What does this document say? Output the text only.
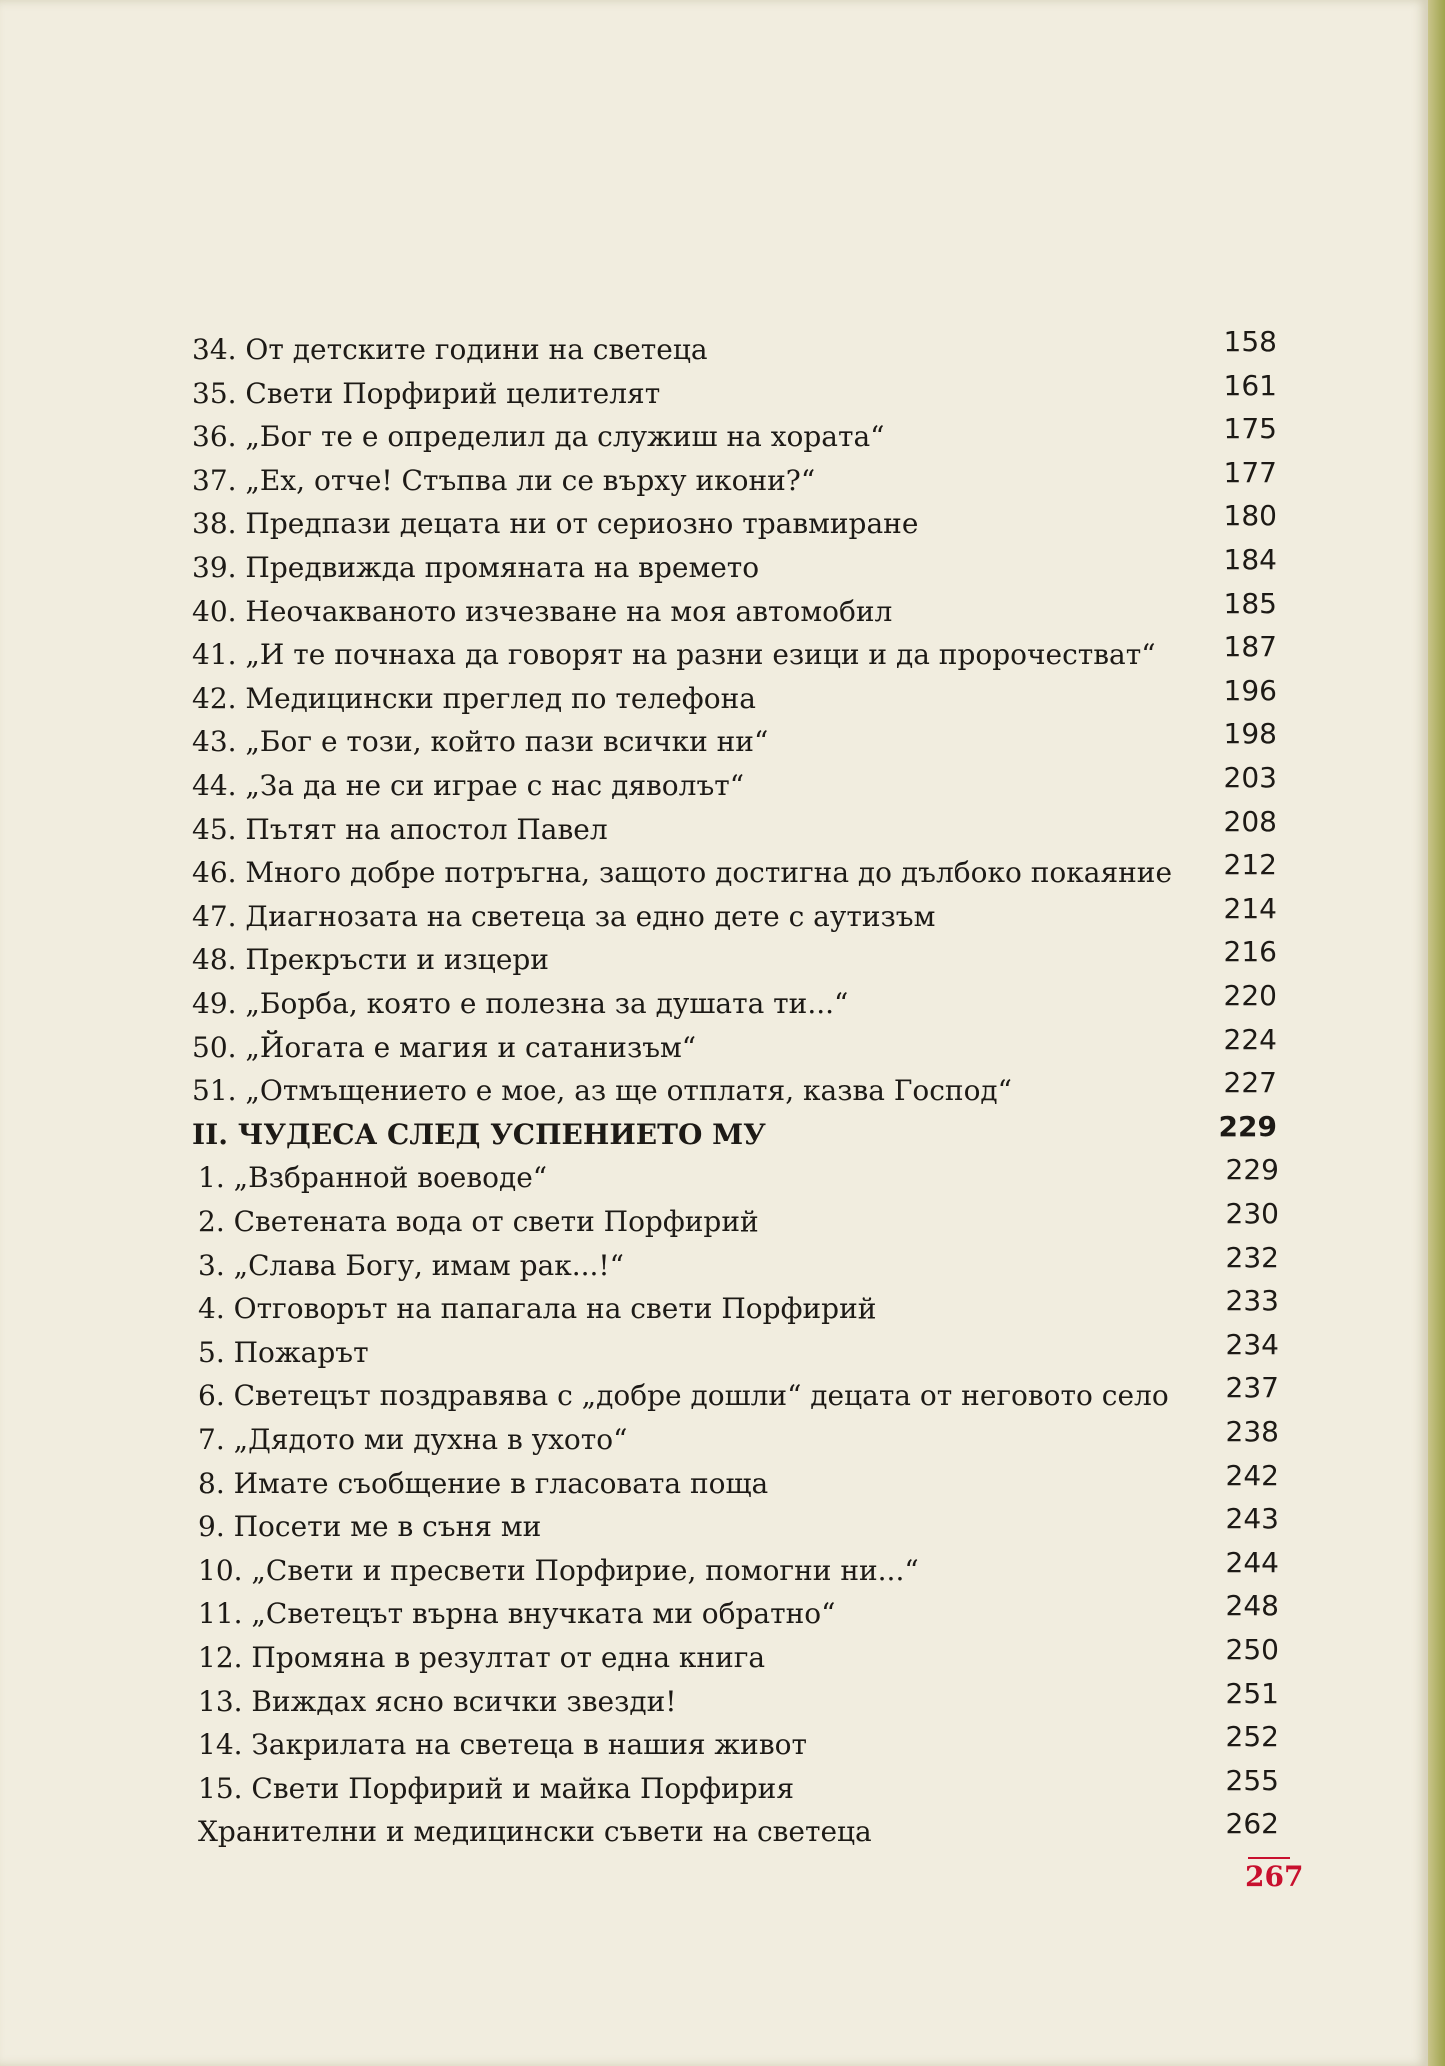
34. От детските години на светеца	158
35. Свети Порфирий целителят	161
36. „Бог те е определил да служиш на хората“	175
37. „Ех, отче! Стъпва ли се върху икони?“	177
38. Предпази децата ни от сериозно травмиране	180
39. Предвижда промяната на времето	184
40. Неочакваното изчезване на моя автомобил	185
41. „И те почнаха да говорят на разни езици и да пророчестват“ 187
42. Медицински преглед по телефона	196
43. „Бог е този, който пази всички ни“	198
44. „За да не си играе с нас дяволът“	203
45. Пътят на апостол Павел	208
46. Много добре потръгна, защото достигна до дълбоко покаяние 212
47. Диагнозата на светеца за едно дете с аутизъм	214
48. Прекръсти и изцери	216
49. „Борба, която е полезна за душата ти...“	220
50. „Йогата е магия и сатанизъм“	224
51. „Отмъщението е мое, аз ще отплатя, казва Господ“	227
II. ЧУДЕСА СЛЕД УСПЕНИЕТО МУ	229
1. „Взбранной воеводе“	229
2. Светената вода от свети Порфирий	230
3. „Слава Богу, имам рак...!“	232
4. Отговорът на папагала на свети Порфирий	233
5. Пожарът	234
6. Светецът поздравява с „добре дошли“ децата от неговото село 237
7. „Дядото ми духна в ухото“	238
8. Имате съобщение в гласовата поща	242
9. Посети ме в съня ми	243
10. „Свети и пресвети Порфирие, помогни ни...“	244
11. „Светецът върна внучката ми обратно“	248
12. Промяна в резултат от една книга	250
13. Виждах ясно всички звезди!	251
14. Закрилата на светеца в нашия живот	252
15. Свети Порфирий и майка Порфирия	255
Хранителни и медицински съвети на светеца	262
267
